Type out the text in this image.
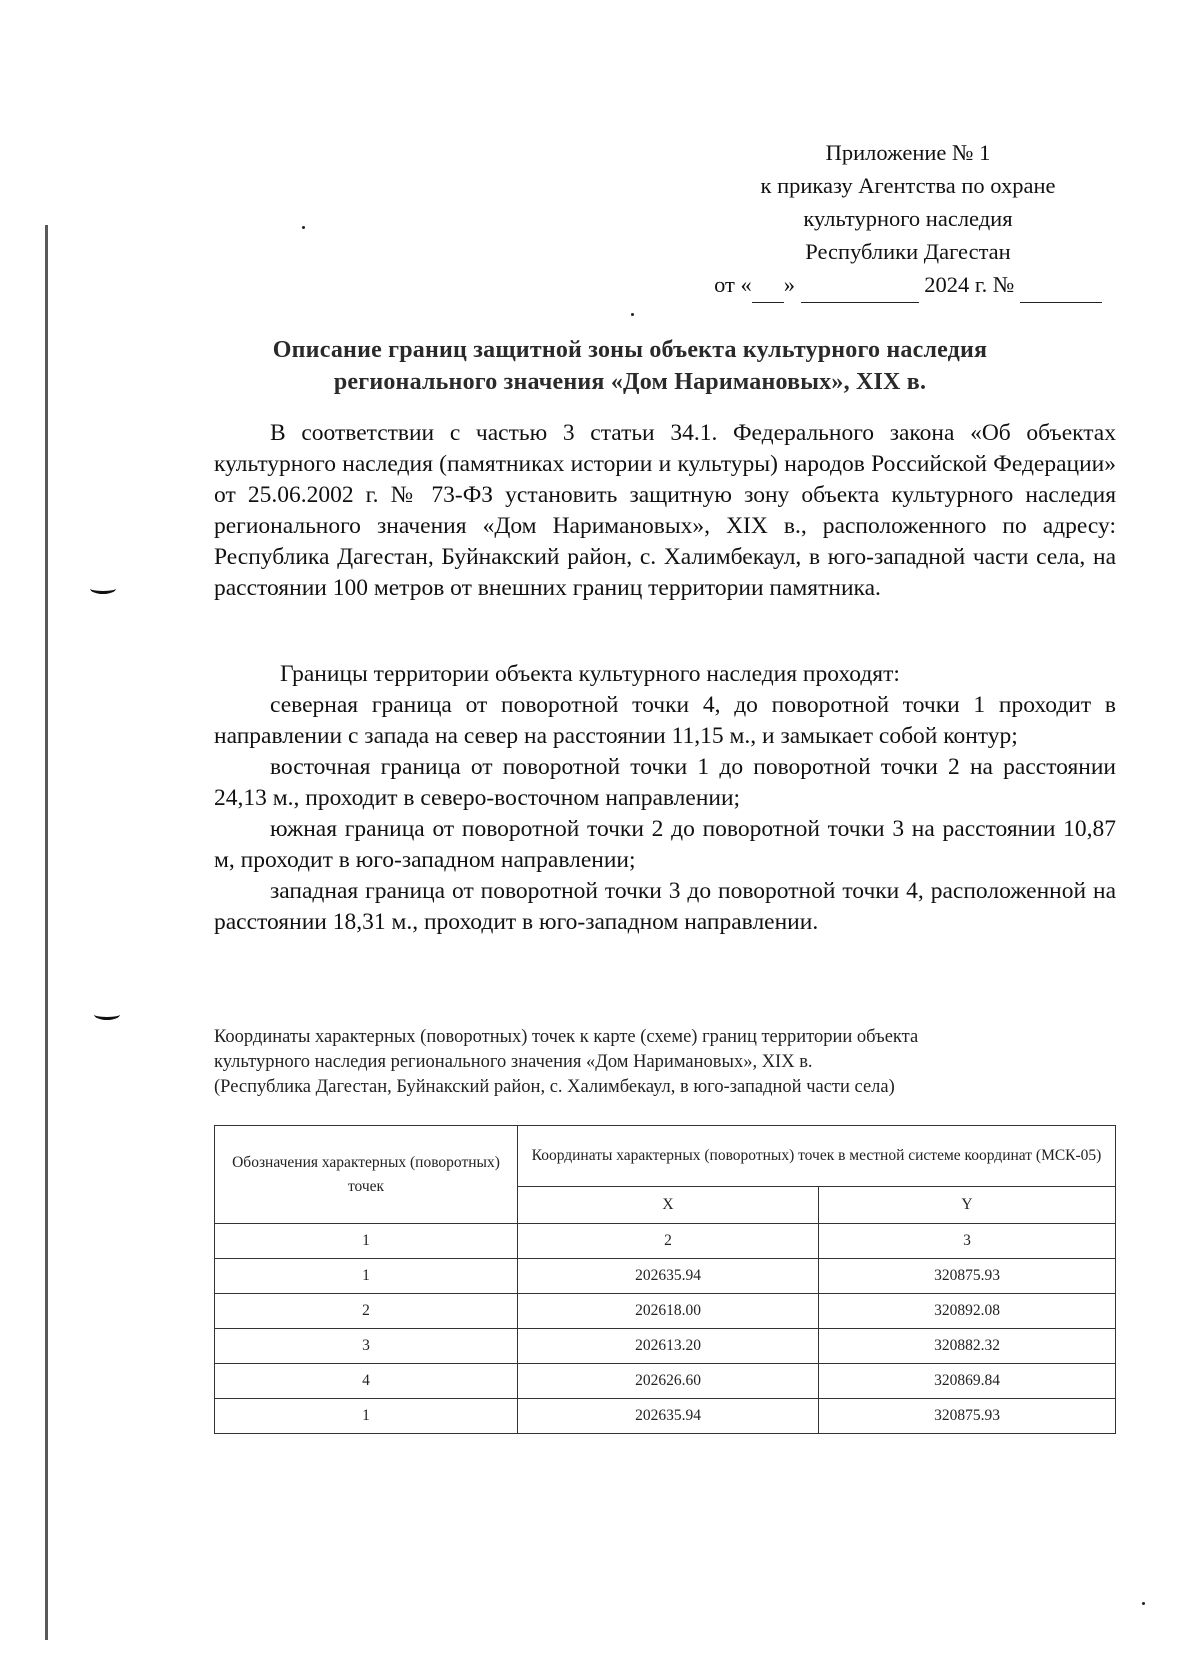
Приложение № 1
к приказу Агентства по охране
культурного наследия
Республики Дагестан
от « »	2024 г. №
Описание границ защитной зоны объекта культурного наследия
регионального значения «Дом Наримановых», XIX в.

В соответствии с частью 3 статьи 34.1. Федерального закона «Об объектах культурного наследия (памятниках истории и культуры) народов Российской Федерации» от 25.06.2002 г. № 73-ФЗ установить защитную зону объекта культурного наследия регионального значения «Дом Наримановых», XIX в., расположенного по адресу: Республика Дагестан, Буйнакский район, с. Халимбекаул, в юго-западной части села, на расстоянии 100 метров от внешних границ территории памятника.

Границы территории объекта культурного наследия проходят:

северная граница от поворотной точки 4, до поворотной точки 1 проходит в направлении с запада на север на расстоянии 11,15 м., и замыкает собой контур;

восточная граница от поворотной точки 1 до поворотной точки 2 на расстоянии 24,13 м., проходит в северо-восточном направлении;

южная граница от поворотной точки 2 до поворотной точки 3 на расстоянии 10,87 м, проходит в юго-западном направлении;

западная граница от поворотной точки 3 до поворотной точки 4, расположенной на расстоянии 18,31 м., проходит в юго-западном направлении.

Координаты характерных (поворотных) точек к карте (схеме) границ территории объекта
культурного наследия регионального значения «Дом Наримановых», XIX в.
(Республика Дагестан, Буйнакский район, с. Халимбекаул, в юго-западной части села)
Обозначения характерных (поворотных) точек	Координаты характерных (поворотных) точек в местной системе координат (МСК-05)	
	X	Y
1	2	3
1	202635.94	320875.93
2	202618.00	320892.08
3	202613.20	320882.32
4	202626.60	320869.84
1	202635.94	320875.93
